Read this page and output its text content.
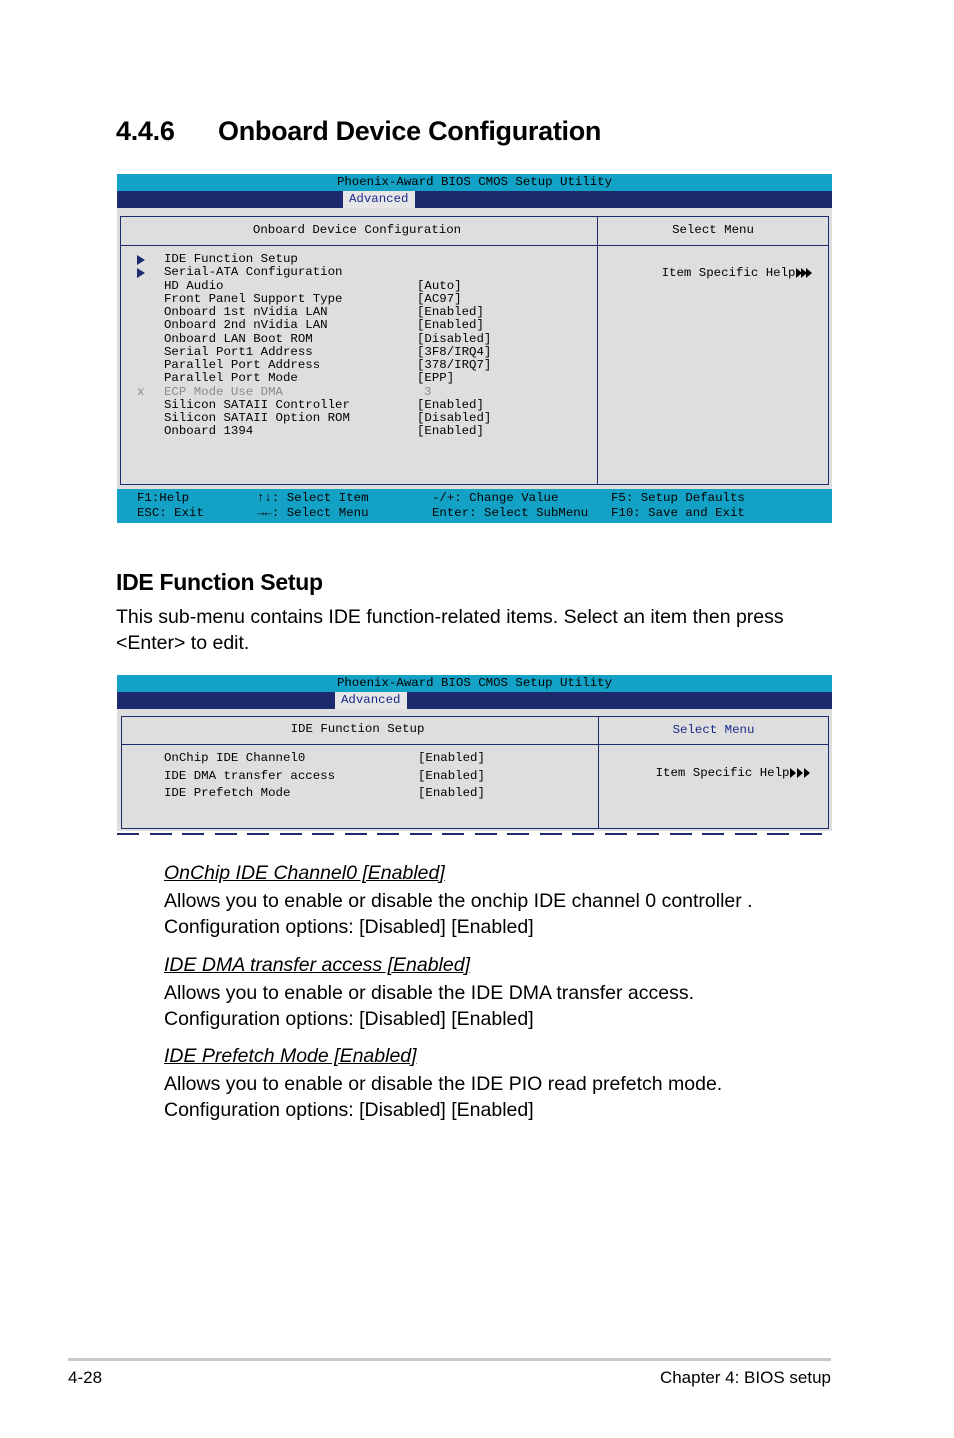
4.4.6 Onboard Device Configuration
Phoenix-Award BIOS CMOS Setup Utility
Advanced
Onboard Device Configuration	Select Menu

Item Specific Help

IDE Function Setup
Serial-ATA Configuration
HD Audio	[Auto]
Front Panel Support Type	[AC97]
Onboard 1st nVidia LAN	[Enabled]
Onboard 2nd nVidia LAN	[Enabled]
Onboard LAN Boot ROM	[Disabled]
Serial Port1 Address	[3F8/IRQ4]
Parallel Port Address	[378/IRQ7]
Parallel Port Mode	[EPP]
ECP Mode Use DMA	3
x
Silicon SATAII Controller	[Enabled]
Silicon SATAII Option ROM	[Disabled]
Onboard 1394	[Enabled]
F1:Help
ESC: Exit
↑↓: Select Item
→←: Select Menu
-/+: Change Value
Enter: Select SubMenu
F5: Setup Defaults
F10: Save and Exit
IDE Function Setup
This sub-menu contains IDE function-related items. Select an item then press <Enter> to edit.
Phoenix-Award BIOS CMOS Setup Utility
Advanced
IDE Function Setup	Select Menu

Item Specific Help

OnChip IDE Channel0	[Enabled]
IDE DMA transfer access	[Enabled]
IDE Prefetch Mode	[Enabled]
OnChip IDE Channel0 [Enabled]
Allows you to enable or disable the onchip IDE channel 0 controller .
Configuration options: [Disabled] [Enabled]
IDE DMA transfer access [Enabled]
Allows you to enable or disable the IDE DMA transfer access.
Configuration options: [Disabled] [Enabled]
IDE Prefetch Mode [Enabled]
Allows you to enable or disable the IDE PIO read prefetch mode.
Configuration options: [Disabled] [Enabled]
4-28	Chapter 4: BIOS setup
